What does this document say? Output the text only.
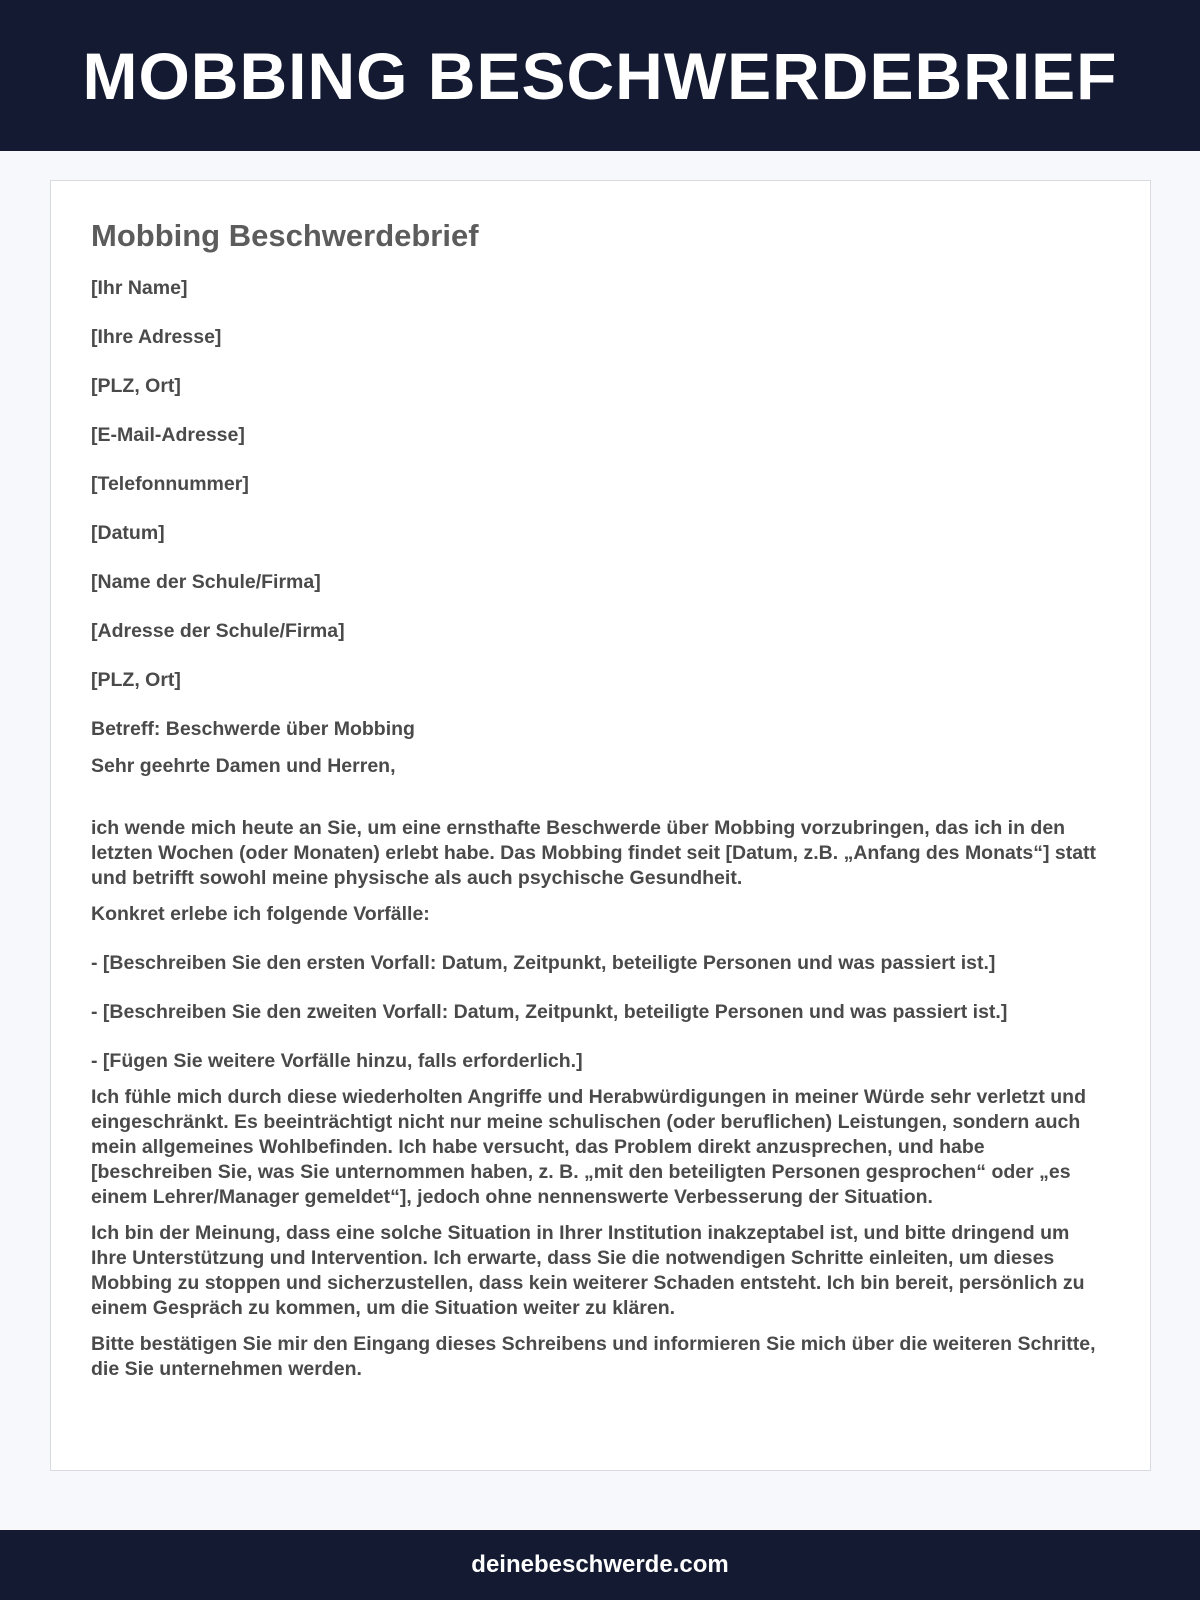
MOBBING BESCHWERDEBRIEF
Mobbing Beschwerdebrief
[Ihr Name]
[Ihre Adresse]
[PLZ, Ort]
[E-Mail-Adresse]
[Telefonnummer]
[Datum]
[Name der Schule/Firma]
[Adresse der Schule/Firma]
[PLZ, Ort]
Betreff: Beschwerde über Mobbing
Sehr geehrte Damen und Herren,
ich wende mich heute an Sie, um eine ernsthafte Beschwerde über Mobbing vorzubringen, das ich in den letzten Wochen (oder Monaten) erlebt habe. Das Mobbing findet seit [Datum, z.B. „Anfang des Monats“] statt und betrifft sowohl meine physische als auch psychische Gesundheit.
Konkret erlebe ich folgende Vorfälle:
- [Beschreiben Sie den ersten Vorfall: Datum, Zeitpunkt, beteiligte Personen und was passiert ist.]
- [Beschreiben Sie den zweiten Vorfall: Datum, Zeitpunkt, beteiligte Personen und was passiert ist.]
- [Fügen Sie weitere Vorfälle hinzu, falls erforderlich.]
Ich fühle mich durch diese wiederholten Angriffe und Herabwürdigungen in meiner Würde sehr verletzt und eingeschränkt. Es beeinträchtigt nicht nur meine schulischen (oder beruflichen) Leistungen, sondern auch mein allgemeines Wohlbefinden. Ich habe versucht, das Problem direkt anzusprechen, und habe [beschreiben Sie, was Sie unternommen haben, z. B. „mit den beteiligten Personen gesprochen“ oder „es einem Lehrer/Manager gemeldet“], jedoch ohne nennenswerte Verbesserung der Situation.
Ich bin der Meinung, dass eine solche Situation in Ihrer Institution inakzeptabel ist, und bitte dringend um Ihre Unterstützung und Intervention. Ich erwarte, dass Sie die notwendigen Schritte einleiten, um dieses Mobbing zu stoppen und sicherzustellen, dass kein weiterer Schaden entsteht. Ich bin bereit, persönlich zu einem Gespräch zu kommen, um die Situation weiter zu klären.
Bitte bestätigen Sie mir den Eingang dieses Schreibens und informieren Sie mich über die weiteren Schritte, die Sie unternehmen werden.
deinebeschwerde.com
